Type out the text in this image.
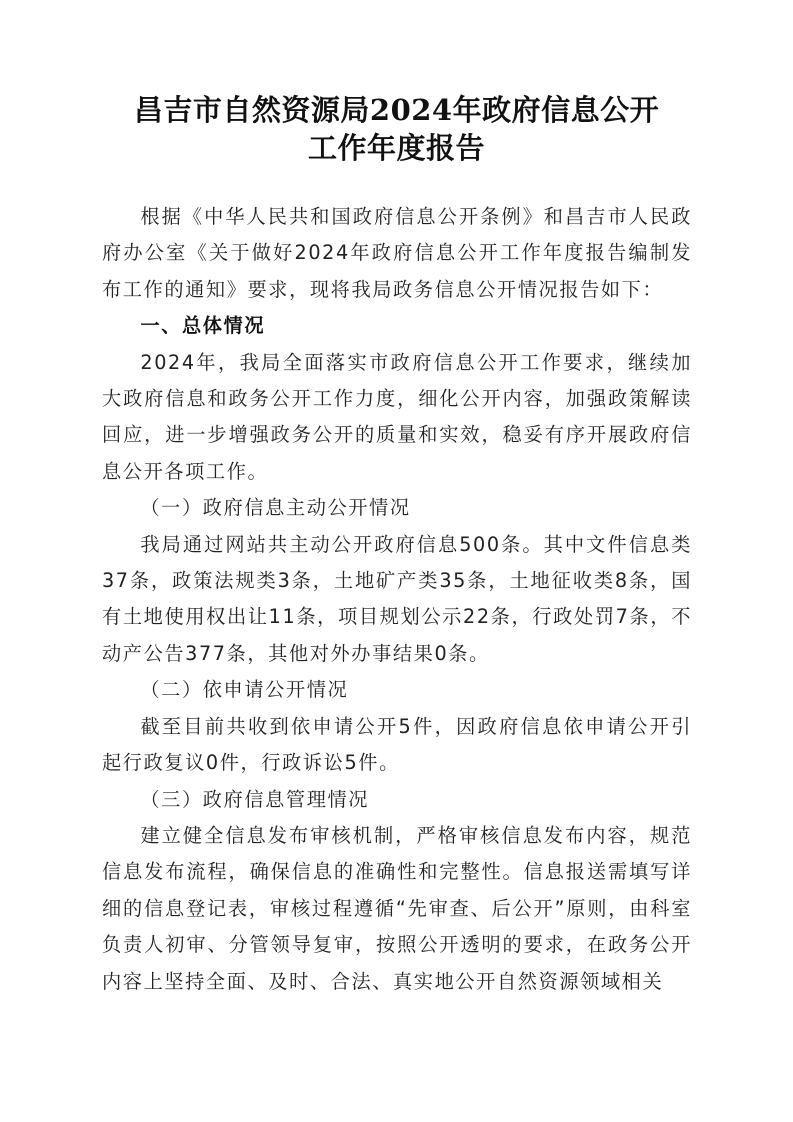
昌吉市自然资源局2024年政府信息公开
工作年度报告

根据《中华人民共和国政府信息公开条例》和昌吉市人民政府办公室《关于做好2024年政府信息公开工作年度报告编制发布工作的通知》要求，现将我局政务信息公开情况报告如下：

一、总体情况

2024年，我局全面落实市政府信息公开工作要求，继续加大政府信息和政务公开工作力度，细化公开内容，加强政策解读回应，进一步增强政务公开的质量和实效，稳妥有序开展政府信息公开各项工作。

（一）政府信息主动公开情况

我局通过网站共主动公开政府信息500条。其中文件信息类37条，政策法规类3条，土地矿产类35条，土地征收类8条，国有土地使用权出让11条，项目规划公示22条，行政处罚7条，不动产公告377条，其他对外办事结果0条。

（二）依申请公开情况

截至目前共收到依申请公开5件，因政府信息依申请公开引起行政复议0件，行政诉讼5件。

（三）政府信息管理情况

建立健全信息发布审核机制，严格审核信息发布内容，规范信息发布流程，确保信息的准确性和完整性。信息报送需填写详细的信息登记表，审核过程遵循“先审查、后公开”原则，由科室负责人初审、分管领导复审，按照公开透明的要求，在政务公开内容上坚持全面、及时、合法、真实地公开自然资源领域相关
